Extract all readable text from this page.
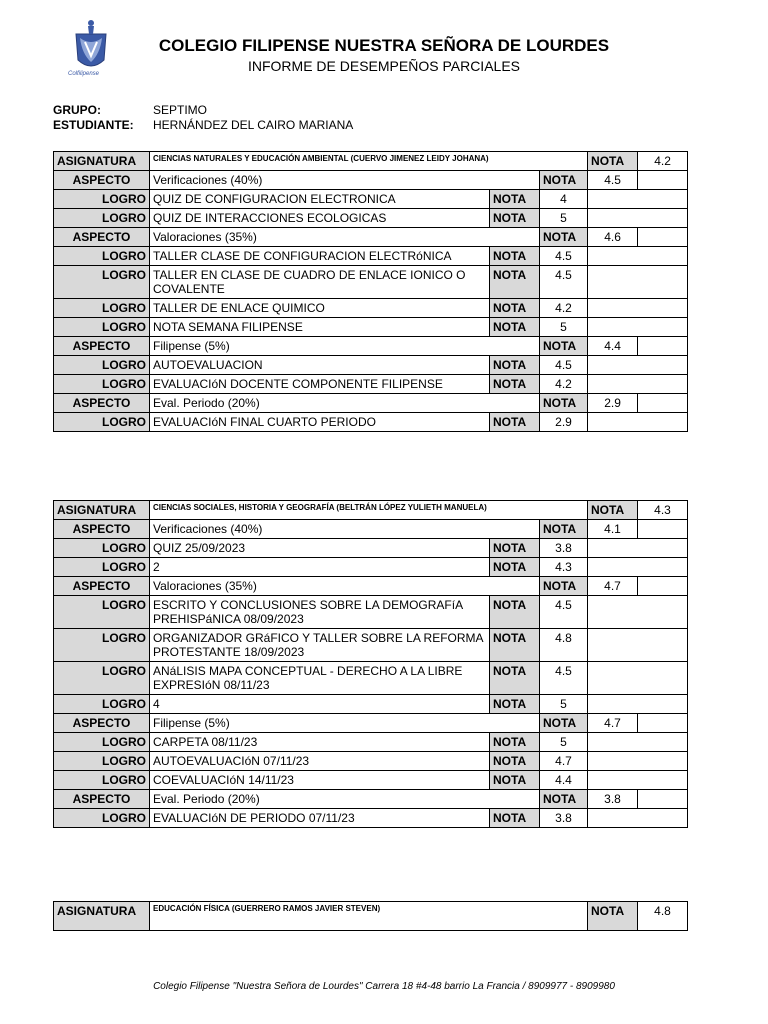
Colfilipense
COLEGIO FILIPENSE NUESTRA SEÑORA DE LOURDES
INFORME DE DESEMPEÑOS PARCIALES
GRUPO:	SEPTIMO
ESTUDIANTE:	HERNÁNDEZ DEL CAIRO MARIANA
ASIGNATURA	CIENCIAS NATURALES Y EDUCACIÓN AMBIENTAL (CUERVO JIMENEZ LEIDY JOHANA)			NOTA	4.2
ASPECTO	Verificaciones (40%)		NOTA	4.5	
LOGRO	QUIZ DE CONFIGURACION ELECTRONICA	NOTA	4		
LOGRO	QUIZ DE INTERACCIONES ECOLOGICAS	NOTA	5		
ASPECTO	Valoraciones (35%)		NOTA	4.6	
LOGRO	TALLER CLASE DE CONFIGURACION ELECTRóNICA	NOTA	4.5		
LOGRO	TALLER EN CLASE DE CUADRO DE ENLACE IONICO O COVALENTE	NOTA	4.5		
LOGRO	TALLER DE ENLACE QUIMICO	NOTA	4.2		
LOGRO	NOTA SEMANA FILIPENSE	NOTA	5		
ASPECTO	Filipense (5%)		NOTA	4.4	
LOGRO	AUTOEVALUACION	NOTA	4.5		
LOGRO	EVALUACIóN DOCENTE COMPONENTE FILIPENSE	NOTA	4.2		
ASPECTO	Eval. Periodo (20%)		NOTA	2.9	
LOGRO	EVALUACIóN FINAL CUARTO PERIODO	NOTA	2.9		
ASIGNATURA	CIENCIAS SOCIALES, HISTORIA Y GEOGRAFÍA (BELTRÁN LÓPEZ YULIETH MANUELA)			NOTA	4.3
ASPECTO	Verificaciones (40%)		NOTA	4.1	
LOGRO	QUIZ 25/09/2023	NOTA	3.8		
LOGRO	2	NOTA	4.3		
ASPECTO	Valoraciones (35%)		NOTA	4.7	
LOGRO	ESCRITO Y CONCLUSIONES SOBRE LA DEMOGRAFíA PREHISPáNICA 08/09/2023	NOTA	4.5		
LOGRO	ORGANIZADOR GRáFICO Y TALLER SOBRE LA REFORMA PROTESTANTE 18/09/2023	NOTA	4.8		
LOGRO	ANáLISIS MAPA CONCEPTUAL - DERECHO A LA LIBRE EXPRESIóN 08/11/23	NOTA	4.5		
LOGRO	4	NOTA	5		
ASPECTO	Filipense (5%)		NOTA	4.7	
LOGRO	CARPETA 08/11/23	NOTA	5		
LOGRO	AUTOEVALUACIóN 07/11/23	NOTA	4.7		
LOGRO	COEVALUACIóN 14/11/23	NOTA	4.4		
ASPECTO	Eval. Periodo (20%)		NOTA	3.8	
LOGRO	EVALUACIóN DE PERIODO 07/11/23	NOTA	3.8		
ASIGNATURA	EDUCACIÓN FÍSICA (GUERRERO RAMOS JAVIER STEVEN)	NOTA	4.8
Colegio Filipense "Nuestra Señora de Lourdes" Carrera 18 #4-48 barrio La Francia / 8909977 - 8909980
